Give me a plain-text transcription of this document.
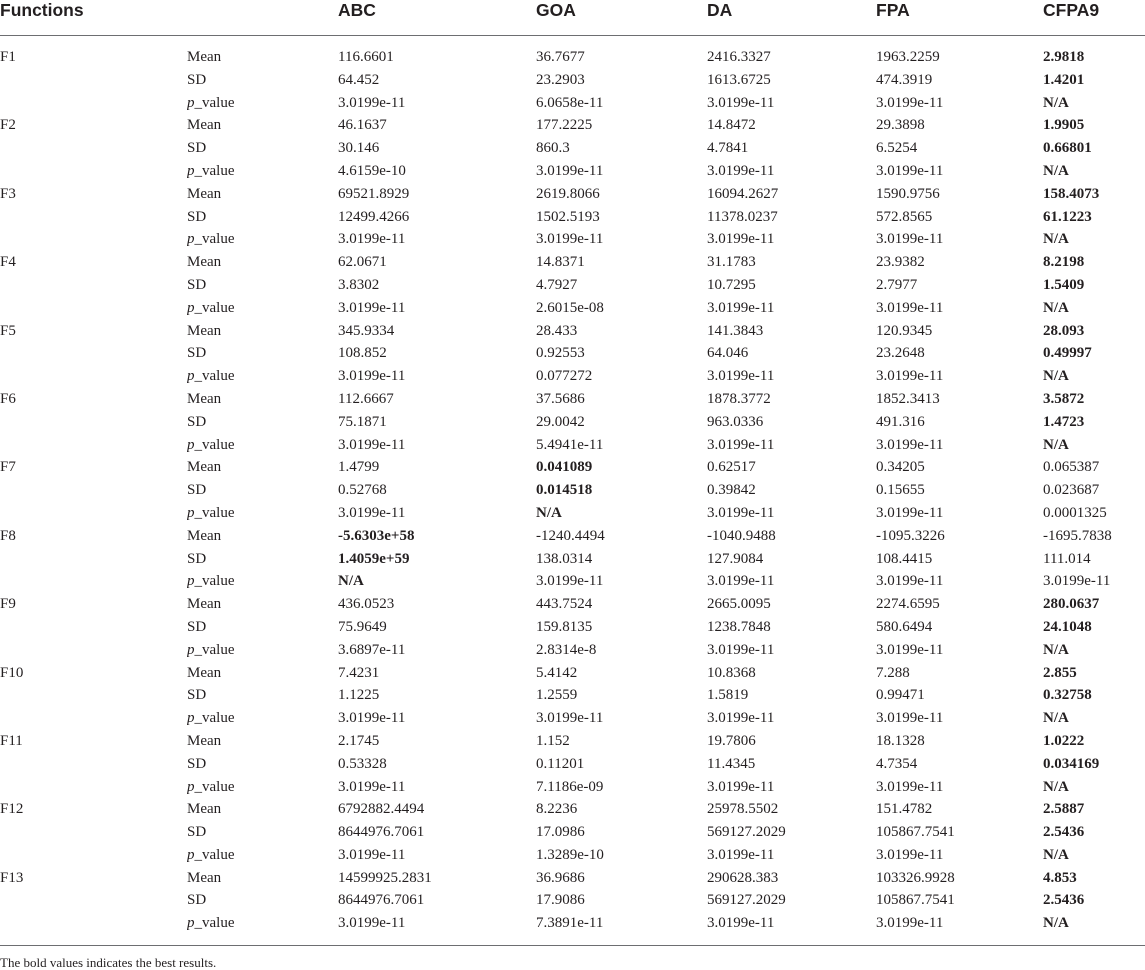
Functions		ABC	GOA	DA	FPA	CFPA9
F1	Mean	116.6601	36.7677	2416.3327	1963.2259	2.9818
	SD	64.452	23.2903	1613.6725	474.3919	1.4201
	p_value	3.0199e-11	6.0658e-11	3.0199e-11	3.0199e-11	N/A
F2	Mean	46.1637	177.2225	14.8472	29.3898	1.9905
	SD	30.146	860.3	4.7841	6.5254	0.66801
	p_value	4.6159e-10	3.0199e-11	3.0199e-11	3.0199e-11	N/A
F3	Mean	69521.8929	2619.8066	16094.2627	1590.9756	158.4073
	SD	12499.4266	1502.5193	11378.0237	572.8565	61.1223
	p_value	3.0199e-11	3.0199e-11	3.0199e-11	3.0199e-11	N/A
F4	Mean	62.0671	14.8371	31.1783	23.9382	8.2198
	SD	3.8302	4.7927	10.7295	2.7977	1.5409
	p_value	3.0199e-11	2.6015e-08	3.0199e-11	3.0199e-11	N/A
F5	Mean	345.9334	28.433	141.3843	120.9345	28.093
	SD	108.852	0.92553	64.046	23.2648	0.49997
	p_value	3.0199e-11	0.077272	3.0199e-11	3.0199e-11	N/A
F6	Mean	112.6667	37.5686	1878.3772	1852.3413	3.5872
	SD	75.1871	29.0042	963.0336	491.316	1.4723
	p_value	3.0199e-11	5.4941e-11	3.0199e-11	3.0199e-11	N/A
F7	Mean	1.4799	0.041089	0.62517	0.34205	0.065387
	SD	0.52768	0.014518	0.39842	0.15655	0.023687
	p_value	3.0199e-11	N/A	3.0199e-11	3.0199e-11	0.0001325
F8	Mean	-5.6303e+58	-1240.4494	-1040.9488	-1095.3226	-1695.7838
	SD	1.4059e+59	138.0314	127.9084	108.4415	111.014
	p_value	N/A	3.0199e-11	3.0199e-11	3.0199e-11	3.0199e-11
F9	Mean	436.0523	443.7524	2665.0095	2274.6595	280.0637
	SD	75.9649	159.8135	1238.7848	580.6494	24.1048
	p_value	3.6897e-11	2.8314e-8	3.0199e-11	3.0199e-11	N/A
F10	Mean	7.4231	5.4142	10.8368	7.288	2.855
	SD	1.1225	1.2559	1.5819	0.99471	0.32758
	p_value	3.0199e-11	3.0199e-11	3.0199e-11	3.0199e-11	N/A
F11	Mean	2.1745	1.152	19.7806	18.1328	1.0222
	SD	0.53328	0.11201	11.4345	4.7354	0.034169
	p_value	3.0199e-11	7.1186e-09	3.0199e-11	3.0199e-11	N/A
F12	Mean	6792882.4494	8.2236	25978.5502	151.4782	2.5887
	SD	8644976.7061	17.0986	569127.2029	105867.7541	2.5436
	p_value	3.0199e-11	1.3289e-10	3.0199e-11	3.0199e-11	N/A
F13	Mean	14599925.2831	36.9686	290628.383	103326.9928	4.853
	SD	8644976.7061	17.9086	569127.2029	105867.7541	2.5436
	p_value	3.0199e-11	7.3891e-11	3.0199e-11	3.0199e-11	N/A
The bold values indicates the best results.
